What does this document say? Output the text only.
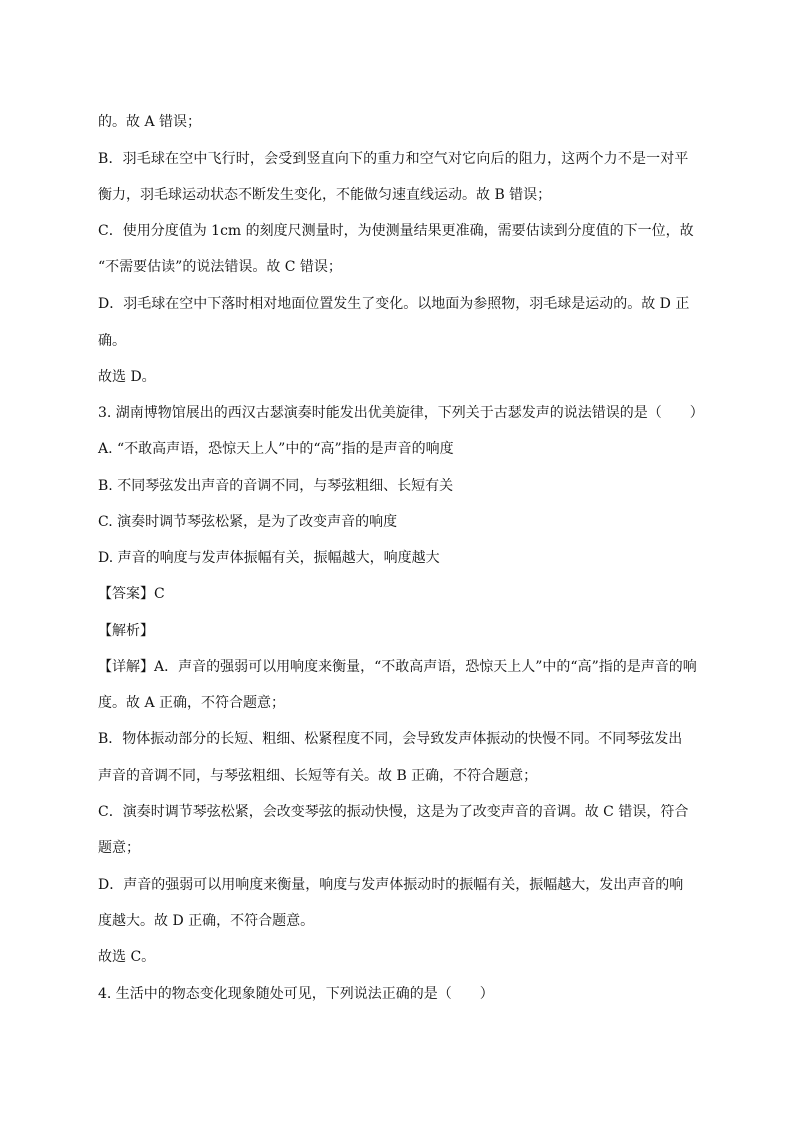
的。故 A 错误；
B．羽毛球在空中飞行时，会受到竖直向下的重力和空气对它向后的阻力，这两个力不是一对平
衡力，羽毛球运动状态不断发生变化，不能做匀速直线运动。故 B 错误；
C．使用分度值为 1cm 的刻度尺测量时，为使测量结果更准确，需要估读到分度值的下一位，故
“不需要估读”的说法错误。故 C 错误；
D．羽毛球在空中下落时相对地面位置发生了变化。以地面为参照物，羽毛球是运动的。故 D 正
确。
故选 D。
3. 湖南博物馆展出的西汉古瑟演奏时能发出优美旋律，下列关于古瑟发声的说法错误的是（　　）
A. “不敢高声语，恐惊天上人”中的“高”指的是声音的响度
B. 不同琴弦发出声音的音调不同，与琴弦粗细、长短有关
C. 演奏时调节琴弦松紧，是为了改变声音的响度
D. 声音的响度与发声体振幅有关，振幅越大，响度越大
【答案】C
【解析】
【详解】A．声音的强弱可以用响度来衡量，“不敢高声语，恐惊天上人”中的“高”指的是声音的响
度。故 A 正确，不符合题意；
B．物体振动部分的长短、粗细、松紧程度不同，会导致发声体振动的快慢不同。不同琴弦发出
声音的音调不同，与琴弦粗细、长短等有关。故 B 正确，不符合题意；
C．演奏时调节琴弦松紧，会改变琴弦的振动快慢，这是为了改变声音的音调。故 C 错误，符合
题意；
D．声音的强弱可以用响度来衡量，响度与发声体振动时的振幅有关，振幅越大，发出声音的响
度越大。故 D 正确，不符合题意。
故选 C。
4. 生活中的物态变化现象随处可见，下列说法正确的是（　　）
